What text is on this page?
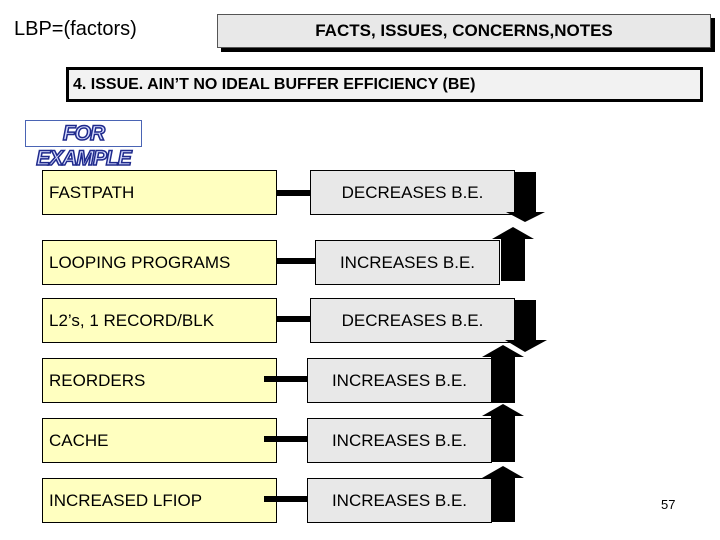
LBP=(factors)	FACTS, ISSUES, CONCERNS,NOTES
4. ISSUE. AIN’T NO IDEAL BUFFER EFFICIENCY (BE)
FOR EXAMPLE
FASTPATH	DECREASES B.E.
LOOPING PROGRAMS	INCREASES B.E.
L2’s, 1 RECORD/BLK	DECREASES B.E.
REORDERS	INCREASES B.E.
CACHE	INCREASES B.E.
INCREASED LFIOP	INCREASES B.E.	57
